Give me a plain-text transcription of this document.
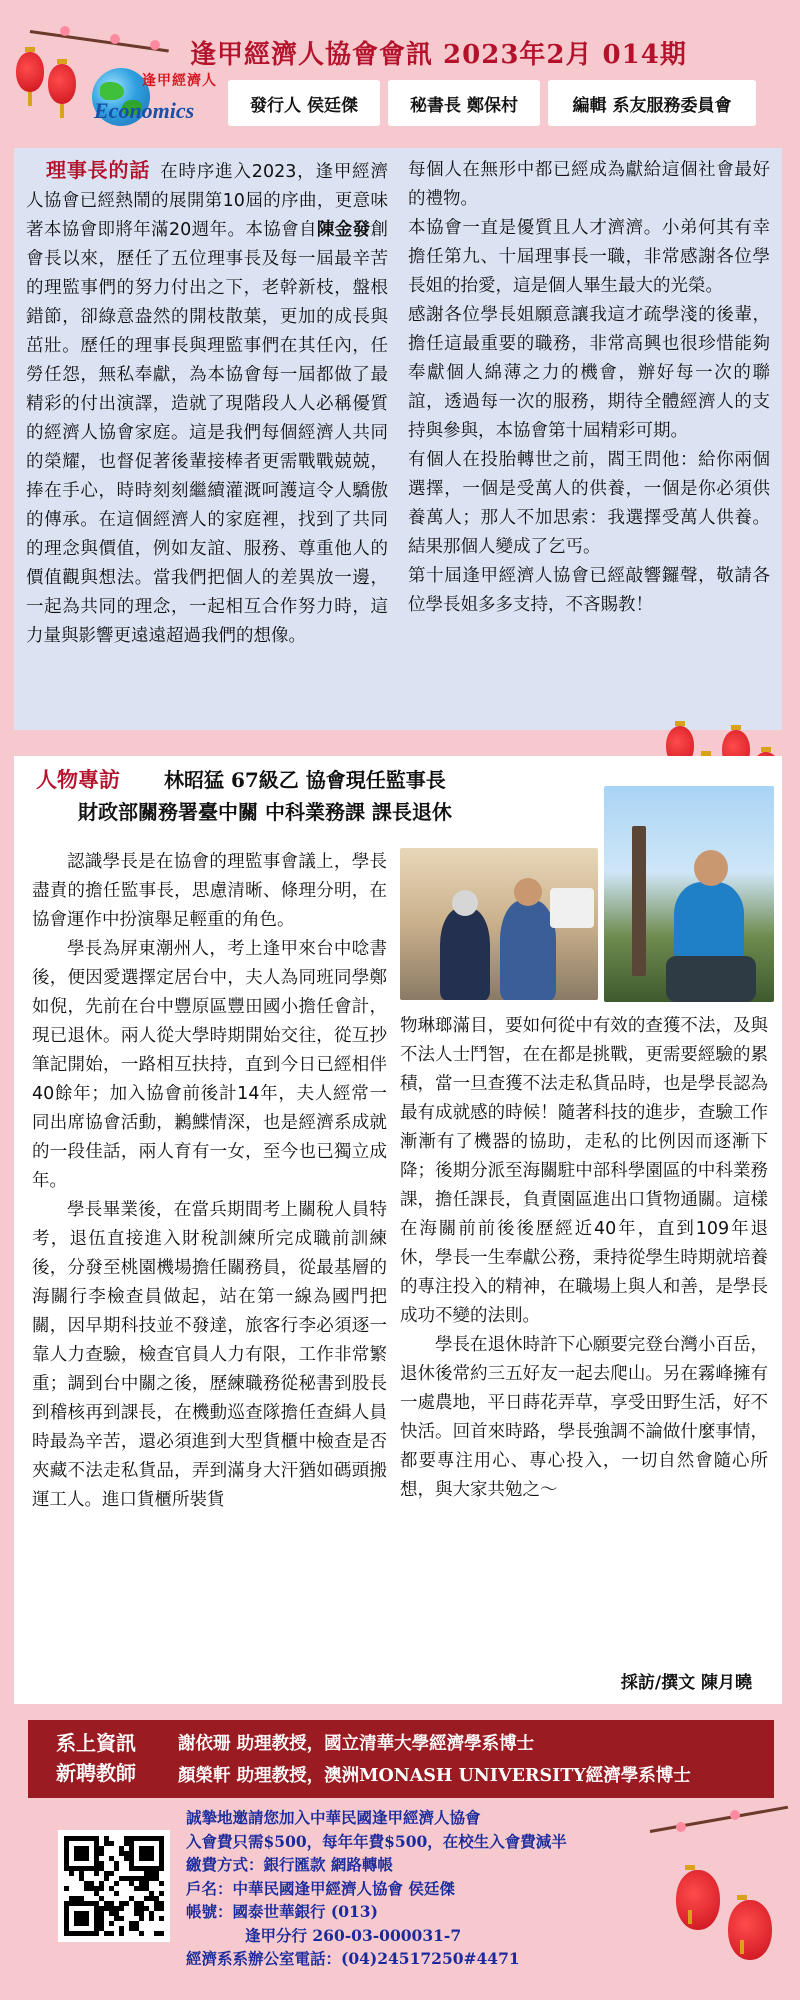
逢甲經濟人協會會訊 2023年2月 014期
逢甲經濟人
Economics	發行人 侯廷傑	秘書長 鄭保村	編輯 系友服務委員會
理事長的話 在時序進入2023，逢甲經濟人協會已經熱鬧的展開第10屆的序曲，更意味著本協會即將年滿20週年。本協會自陳金發創會長以來，歷任了五位理事長及每一屆最辛苦的理監事們的努力付出之下，老幹新枝，盤根錯節，卻綠意盎然的開枝散葉，更加的成長與茁壯。歷任的理事長與理監事們在其任內，任勞任怨，無私奉獻，為本協會每一屆都做了最精彩的付出演譯，造就了現階段人人必稱優質的經濟人協會家庭。這是我們每個經濟人共同的榮耀，也督促著後輩接棒者更需戰戰兢兢，捧在手心，時時刻刻繼續灌溉呵護這令人驕傲的傳承。在這個經濟人的家庭裡，找到了共同的理念與價值，例如友誼、服務、尊重他人的價值觀與想法。當我們把個人的差異放一邊，一起為共同的理念，一起相互合作努力時，這力量與影響更遠遠超過我們的想像。
每個人在無形中都已經成為獻給這個社會最好的禮物。
本協會一直是優質且人才濟濟。小弟何其有幸擔任第九、十屆理事長一職，非常感謝各位學長姐的抬愛，這是個人畢生最大的光榮。
感謝各位學長姐願意讓我這才疏學淺的後輩，擔任這最重要的職務，非常高興也很珍惜能夠奉獻個人綿薄之力的機會，辦好每一次的聯誼，透過每一次的服務，期待全體經濟人的支持與參與，本協會第十屆精彩可期。
有個人在投胎轉世之前，閻王問他：給你兩個選擇，一個是受萬人的供養，一個是你必須供養萬人；那人不加思索：我選擇受萬人供養。結果那個人變成了乞丐。
第十屆逢甲經濟人協會已經敲響鑼聲，敬請各位學長姐多多支持，不吝賜教！
人物專訪 林昭猛 67級乙 協會現任監事長
財政部關務署臺中關 中科業務課 課長退休
認識學長是在協會的理監事會議上，學長盡責的擔任監事長，思慮清晰、條理分明，在協會運作中扮演舉足輕重的角色。
學長為屏東潮州人，考上逢甲來台中唸書後，便因愛選擇定居台中，夫人為同班同學鄭如倪，先前在台中豐原區豐田國小擔任會計，現已退休。兩人從大學時期開始交往，從互抄筆記開始，一路相互扶持，直到今日已經相伴40餘年；加入協會前後計14年，夫人經常一同出席協會活動，鶼鰈情深，也是經濟系成就的一段佳話，兩人育有一女，至今也已獨立成年。
學長畢業後，在當兵期間考上關稅人員特考，退伍直接進入財稅訓練所完成職前訓練後，分發至桃園機場擔任關務員，從最基層的海關行李檢查員做起，站在第一線為國門把關，因早期科技並不發達，旅客行李必須逐一靠人力查驗，檢查官員人力有限，工作非常繁重；調到台中關之後，歷練職務從秘書到股長到稽核再到課長，在機動巡查隊擔任查緝人員時最為辛苦，還必須進到大型貨櫃中檢查是否夾藏不法走私貨品，弄到滿身大汗猶如碼頭搬運工人。進口貨櫃所裝貨
物琳瑯滿目，要如何從中有效的查獲不法，及與不法人士鬥智，在在都是挑戰，更需要經驗的累積，當一旦查獲不法走私貨品時，也是學長認為最有成就感的時候！隨著科技的進步，查驗工作漸漸有了機器的協助，走私的比例因而逐漸下降；後期分派至海關駐中部科學園區的中科業務課，擔任課長，負責園區進出口貨物通關。這樣在海關前前後後歷經近40年，直到109年退休，學長一生奉獻公務，秉持從學生時期就培養的專注投入的精神，在職場上與人和善，是學長成功不變的法則。
學長在退休時許下心願要完登台灣小百岳，退休後常約三五好友一起去爬山。另在霧峰擁有一處農地，平日蒔花弄草，享受田野生活，好不快活。回首來時路，學長強調不論做什麼事情，都要專注用心、專心投入，一切自然會隨心所想，與大家共勉之～
採訪/撰文 陳月曉
系上資訊
新聘教師
謝依珊 助理教授，國立清華大學經濟學系博士
顏榮軒 助理教授，澳洲MONASH UNIVERSITY經濟學系博士
誠摯地邀請您加入中華民國逢甲經濟人協會
入會費只需$500，每年年費$500，在校生入會費減半
繳費方式：銀行匯款 網路轉帳
戶名：中華民國逢甲經濟人協會 侯廷傑
帳號：國泰世華銀行 (013)
逢甲分行 260-03-000031-7
經濟系系辦公室電話：(04)24517250#4471
